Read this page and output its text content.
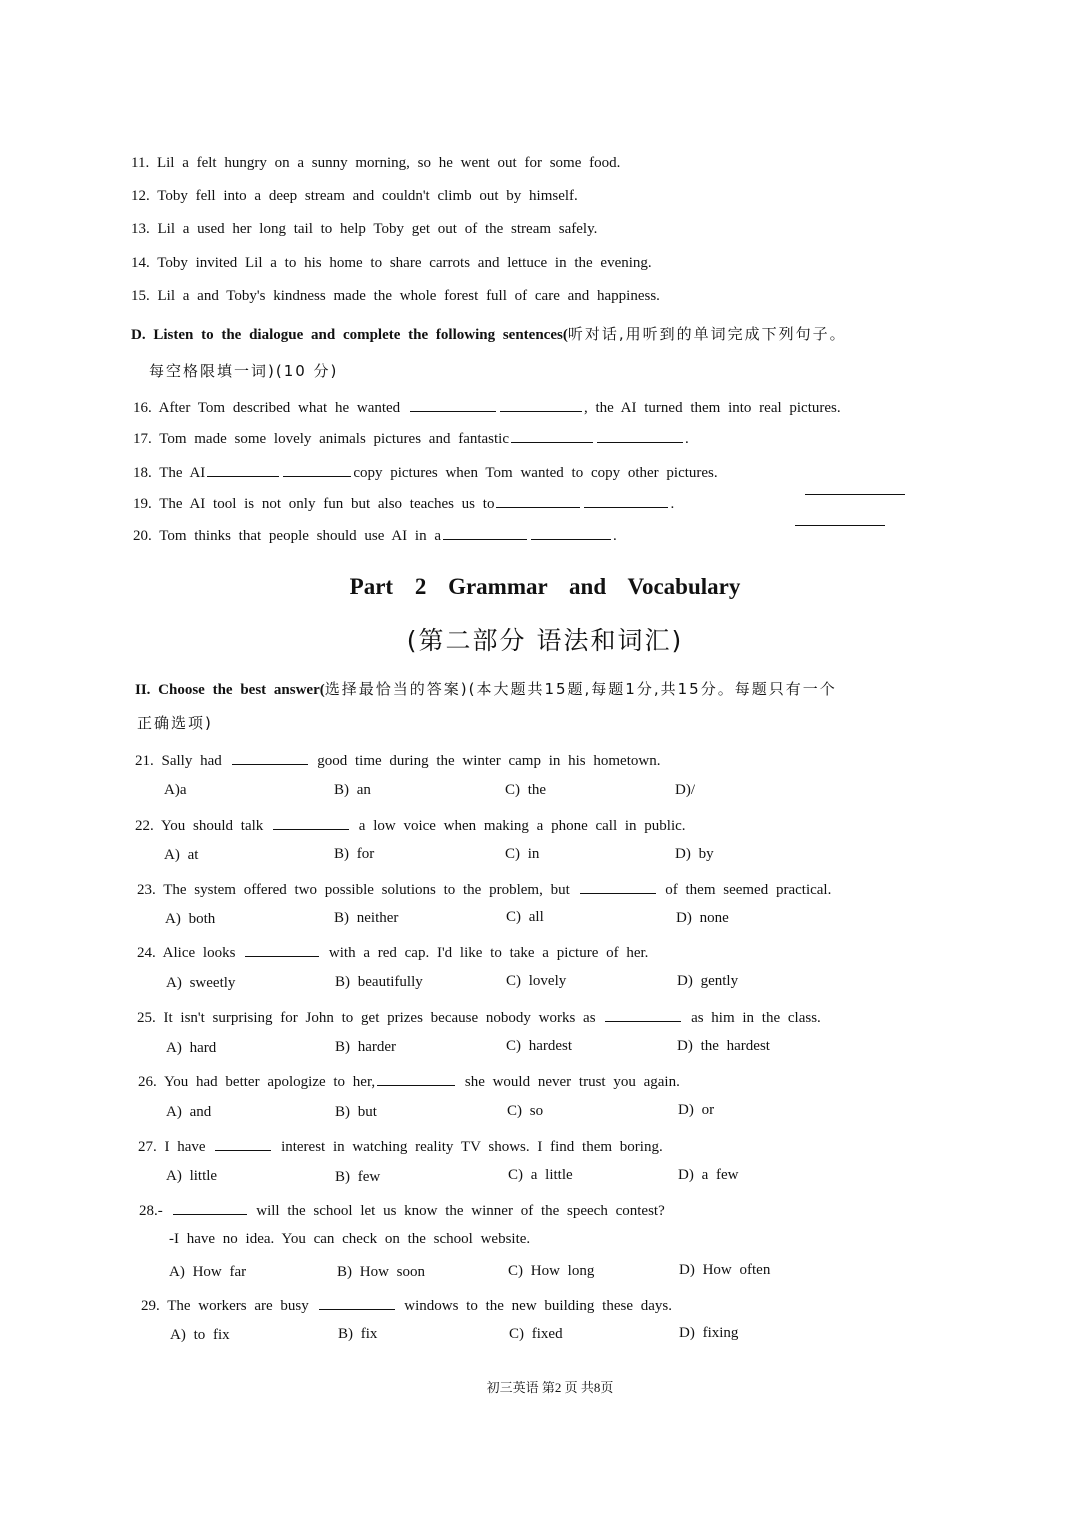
11. Lil a felt hungry on a sunny morning, so he went out for some food.
12. Toby fell into a deep stream and couldn't climb out by himself.
13. Lil a used her long tail to help Toby get out of the stream safely.
14. Toby invited Lil a to his home to share carrots and lettuce in the evening.
15. Lil a and Toby's kindness made the whole forest full of care and happiness.
D. Listen to the dialogue and complete the following sentences(听对话,用听到的单词完成下列句子。
每空格限填一词)(10 分)
16. After Tom described what he wanted	, the AI turned them into real pictures.
17. Tom made some lovely animals pictures and fantastic	.
18. The AI	copy pictures when Tom wanted to copy other pictures.
19. The AI tool is not only fun but also teaches us to	.
20. Tom thinks that people should use AI in a	.
Part 2 Grammar and Vocabulary
(第二部分 语法和词汇)
II. Choose the best answer(选择最恰当的答案)(本大题共15题,每题1分,共15分。每题只有一个
正确选项)
21. Sally had	good time during the winter camp in his hometown.
A)a	B) an	C) the	D)/
22. You should talk	a low voice when making a phone call in public.
A) at	B) for	C) in	D) by
23. The system offered two possible solutions to the problem, but	of them seemed practical.
A) both	B) neither	C) all	D) none
24. Alice looks	with a red cap. I'd like to take a picture of her.
A) sweetly	B) beautifully	C) lovely	D) gently
25. It isn't surprising for John to get prizes because nobody works as	as him in the class.
A) hard	B) harder	C) hardest	D) the hardest
26. You had better apologize to her,	she would never trust you again.
A) and	B) but	C) so	D) or
27. I have	interest in watching reality TV shows. I find them boring.
A) little	B) few	C) a little	D) a few
28.-	will the school let us know the winner of the speech contest?
-I have no idea. You can check on the school website.
A) How far	B) How soon	C) How long	D) How often
29. The workers are busy	windows to the new building these days.
A) to fix	B) fix	C) fixed	D) fixing
初三英语 第2 页 共8页
